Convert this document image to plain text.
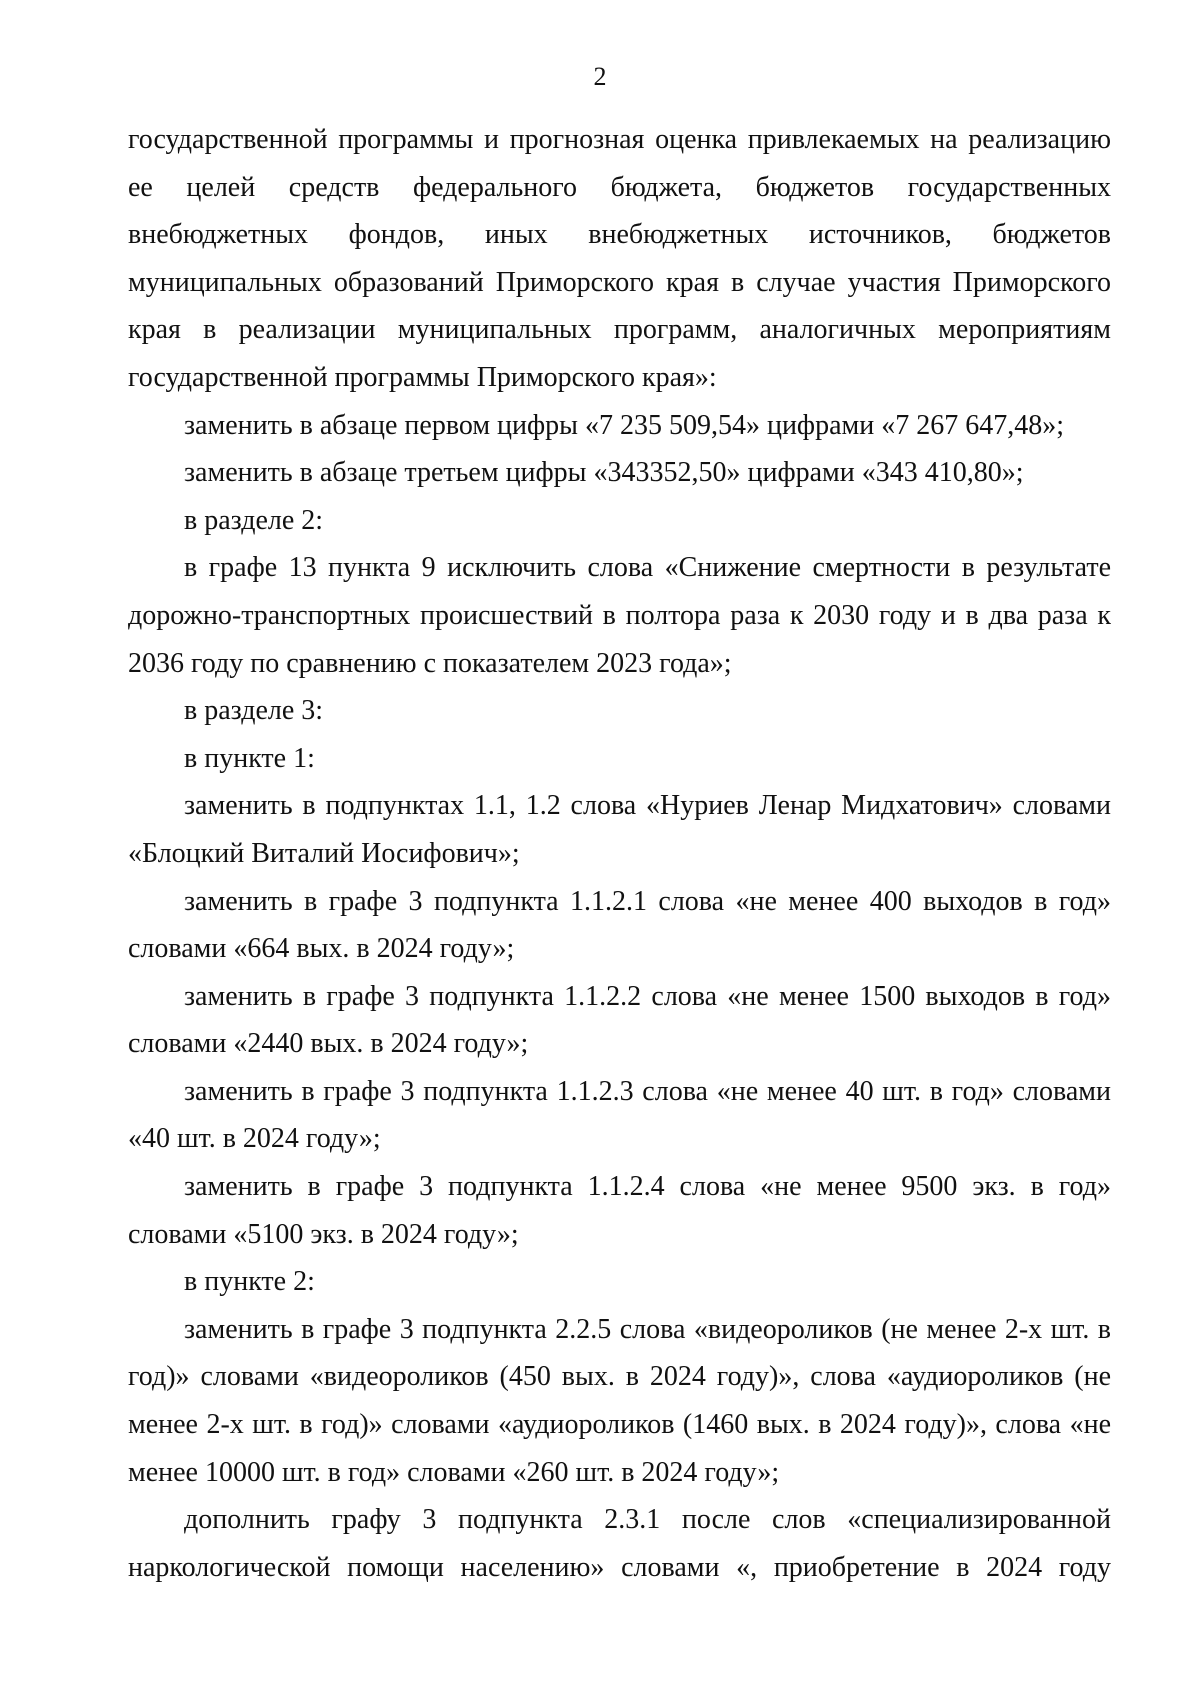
2

государственной программы и прогнозная оценка привлекаемых на реализацию ее целей средств федерального бюджета, бюджетов государственных внебюджетных фондов, иных внебюджетных источников, бюджетов муниципальных образований Приморского края в случае участия Приморского края в реализации муниципальных программ, аналогичных мероприятиям государственной программы Приморского края»:

заменить в абзаце первом цифры «7 235 509,54» цифрами «7 267 647,48»;

заменить в абзаце третьем цифры «343352,50» цифрами «343 410,80»;

в разделе 2:

в графе 13 пункта 9 исключить слова «Снижение смертности в результате дорожно-транспортных происшествий в полтора раза к 2030 году и в два раза к 2036 году по сравнению с показателем 2023 года»;

в разделе 3:

в пункте 1:

заменить в подпунктах 1.1, 1.2 слова «Нуриев Ленар Мидхатович» словами «Блоцкий Виталий Иосифович»;

заменить в графе 3 подпункта 1.1.2.1 слова «не менее 400 выходов в год» словами «664 вых. в 2024 году»;

заменить в графе 3 подпункта 1.1.2.2 слова «не менее 1500 выходов в год» словами «2440 вых. в 2024 году»;

заменить в графе 3 подпункта 1.1.2.3 слова «не менее 40 шт. в год» словами «40 шт. в 2024 году»;

заменить в графе 3 подпункта 1.1.2.4 слова «не менее 9500 экз. в год» словами «5100 экз. в 2024 году»;

в пункте 2:

заменить в графе 3 подпункта 2.2.5 слова «видеороликов (не менее 2-х шт. в год)» словами «видеороликов (450 вых. в 2024 году)», слова «аудиороликов (не менее 2-х шт. в год)» словами «аудиороликов (1460 вых. в 2024 году)», слова «не менее 10000 шт. в год» словами «260 шт. в 2024 году»;

дополнить графу 3 подпункта 2.3.1 после слов «специализированной наркологической помощи населению» словами «, приобретение в 2024 году
